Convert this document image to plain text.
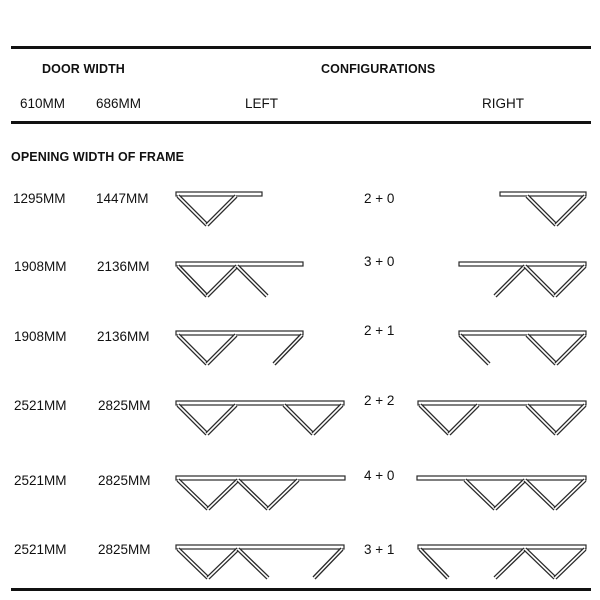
DOOR WIDTH	CONFIGURATIONS
610MM 686MM	LEFT	RIGHT
OPENING WIDTH OF FRAME
1295MM 1447MM	2 + 0
1908MM 2136MM	3 + 0
1908MM 2136MM	2 + 1
2521MM 2825MM	2 + 2
2521MM 2825MM	4 + 0
2521MM 2825MM	3 + 1
